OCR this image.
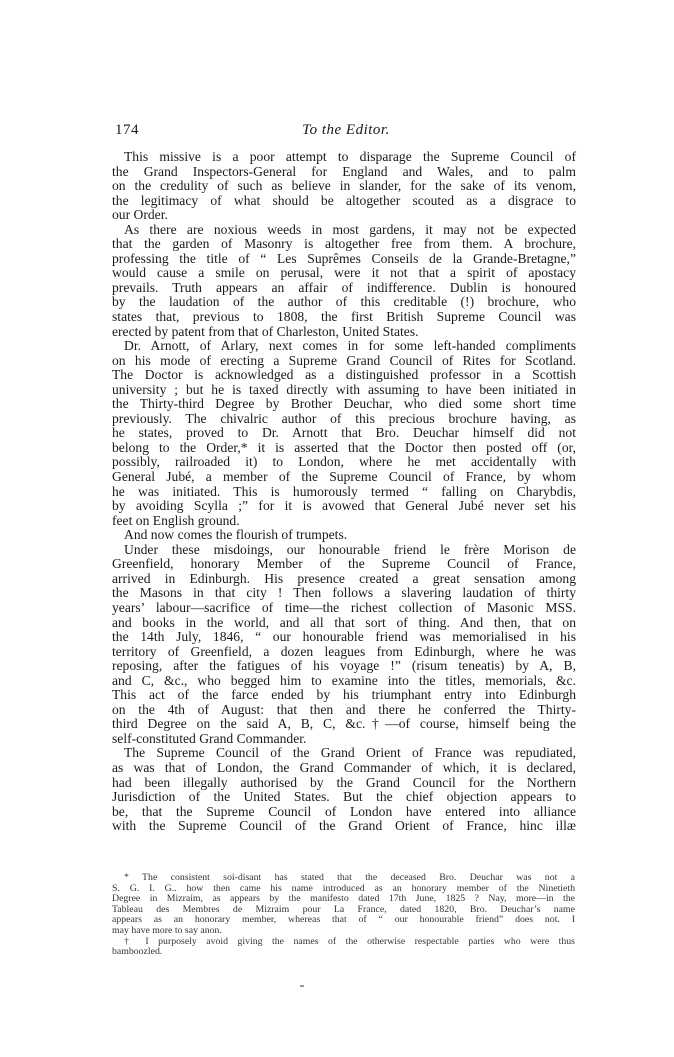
174	To the Editor.
This missive is a poor attempt to disparage the Supreme Council of
the Grand Inspectors-General for England and Wales, and to palm
on the credulity of such as believe in slander, for the sake of its venom,
the legitimacy of what should be altogether scouted as a disgrace to
our Order.
As there are noxious weeds in most gardens, it may not be expected
that the garden of Masonry is altogether free from them. A brochure,
professing the title of “ Les Suprêmes Conseils de la Grande-Bretagne,”
would cause a smile on perusal, were it not that a spirit of apostacy
prevails. Truth appears an affair of indifference. Dublin is honoured
by the laudation of the author of this creditable (!) brochure, who
states that, previous to 1808, the first British Supreme Council was
erected by patent from that of Charleston, United States.
Dr. Arnott, of Arlary, next comes in for some left-handed compliments
on his mode of erecting a Supreme Grand Council of Rites for Scotland.
The Doctor is acknowledged as a distinguished professor in a Scottish
university ; but he is taxed directly with assuming to have been initiated in
the Thirty-third Degree by Brother Deuchar, who died some short time
previously. The chivalric author of this precious brochure having, as
he states, proved to Dr. Arnott that Bro. Deuchar himself did not
belong to the Order,* it is asserted that the Doctor then posted off (or,
possibly, railroaded it) to London, where he met accidentally with
General Jubé, a member of the Supreme Council of France, by whom
he was initiated. This is humorously termed “ falling on Charybdis,
by avoiding Scylla ;” for it is avowed that General Jubé never set his
feet on English ground.
And now comes the flourish of trumpets.
Under these misdoings, our honourable friend le frère Morison de
Greenfield, honorary Member of the Supreme Council of France,
arrived in Edinburgh. His presence created a great sensation among
the Masons in that city ! Then follows a slavering laudation of thirty
years’ labour—sacrifice of time—the richest collection of Masonic MSS.
and books in the world, and all that sort of thing. And then, that on
the 14th July, 1846, “ our honourable friend was memorialised in his
territory of Greenfield, a dozen leagues from Edinburgh, where he was
reposing, after the fatigues of his voyage !” (risum teneatis) by A, B,
and C, &c., who begged him to examine into the titles, memorials, &c.
This act of the farce ended by his triumphant entry into Edinburgh
on the 4th of August: that then and there he conferred the Thirty-
third Degree on the said A, B, C, &c.†—of course, himself being the
self-constituted Grand Commander.
The Supreme Council of the Grand Orient of France was repudiated,
as was that of London, the Grand Commander of which, it is declared,
had been illegally authorised by the Grand Council for the Northern
Jurisdiction of the United States. But the chief objection appears to
be, that the Supreme Council of London have entered into alliance
with the Supreme Council of the Grand Orient of France, hinc illæ
* The consistent soi-disant has stated that the deceased Bro. Deuchar was not a
S. G. I. G.. how then came his name introduced as an honorary member of the Ninetieth
Degree in Mizraim, as appears by the manifesto dated 17th June, 1825 ? Nay, more—in the
Tableau des Membres de Mizraim pour La France, dated 1820, Bro. Deuchar’s name
appears as an honorary member, whereas that of “ our honourable friend” does not. I
may have more to say anon.
† I purposely avoid giving the names of the otherwise respectable parties who were thus
bamboozled.
